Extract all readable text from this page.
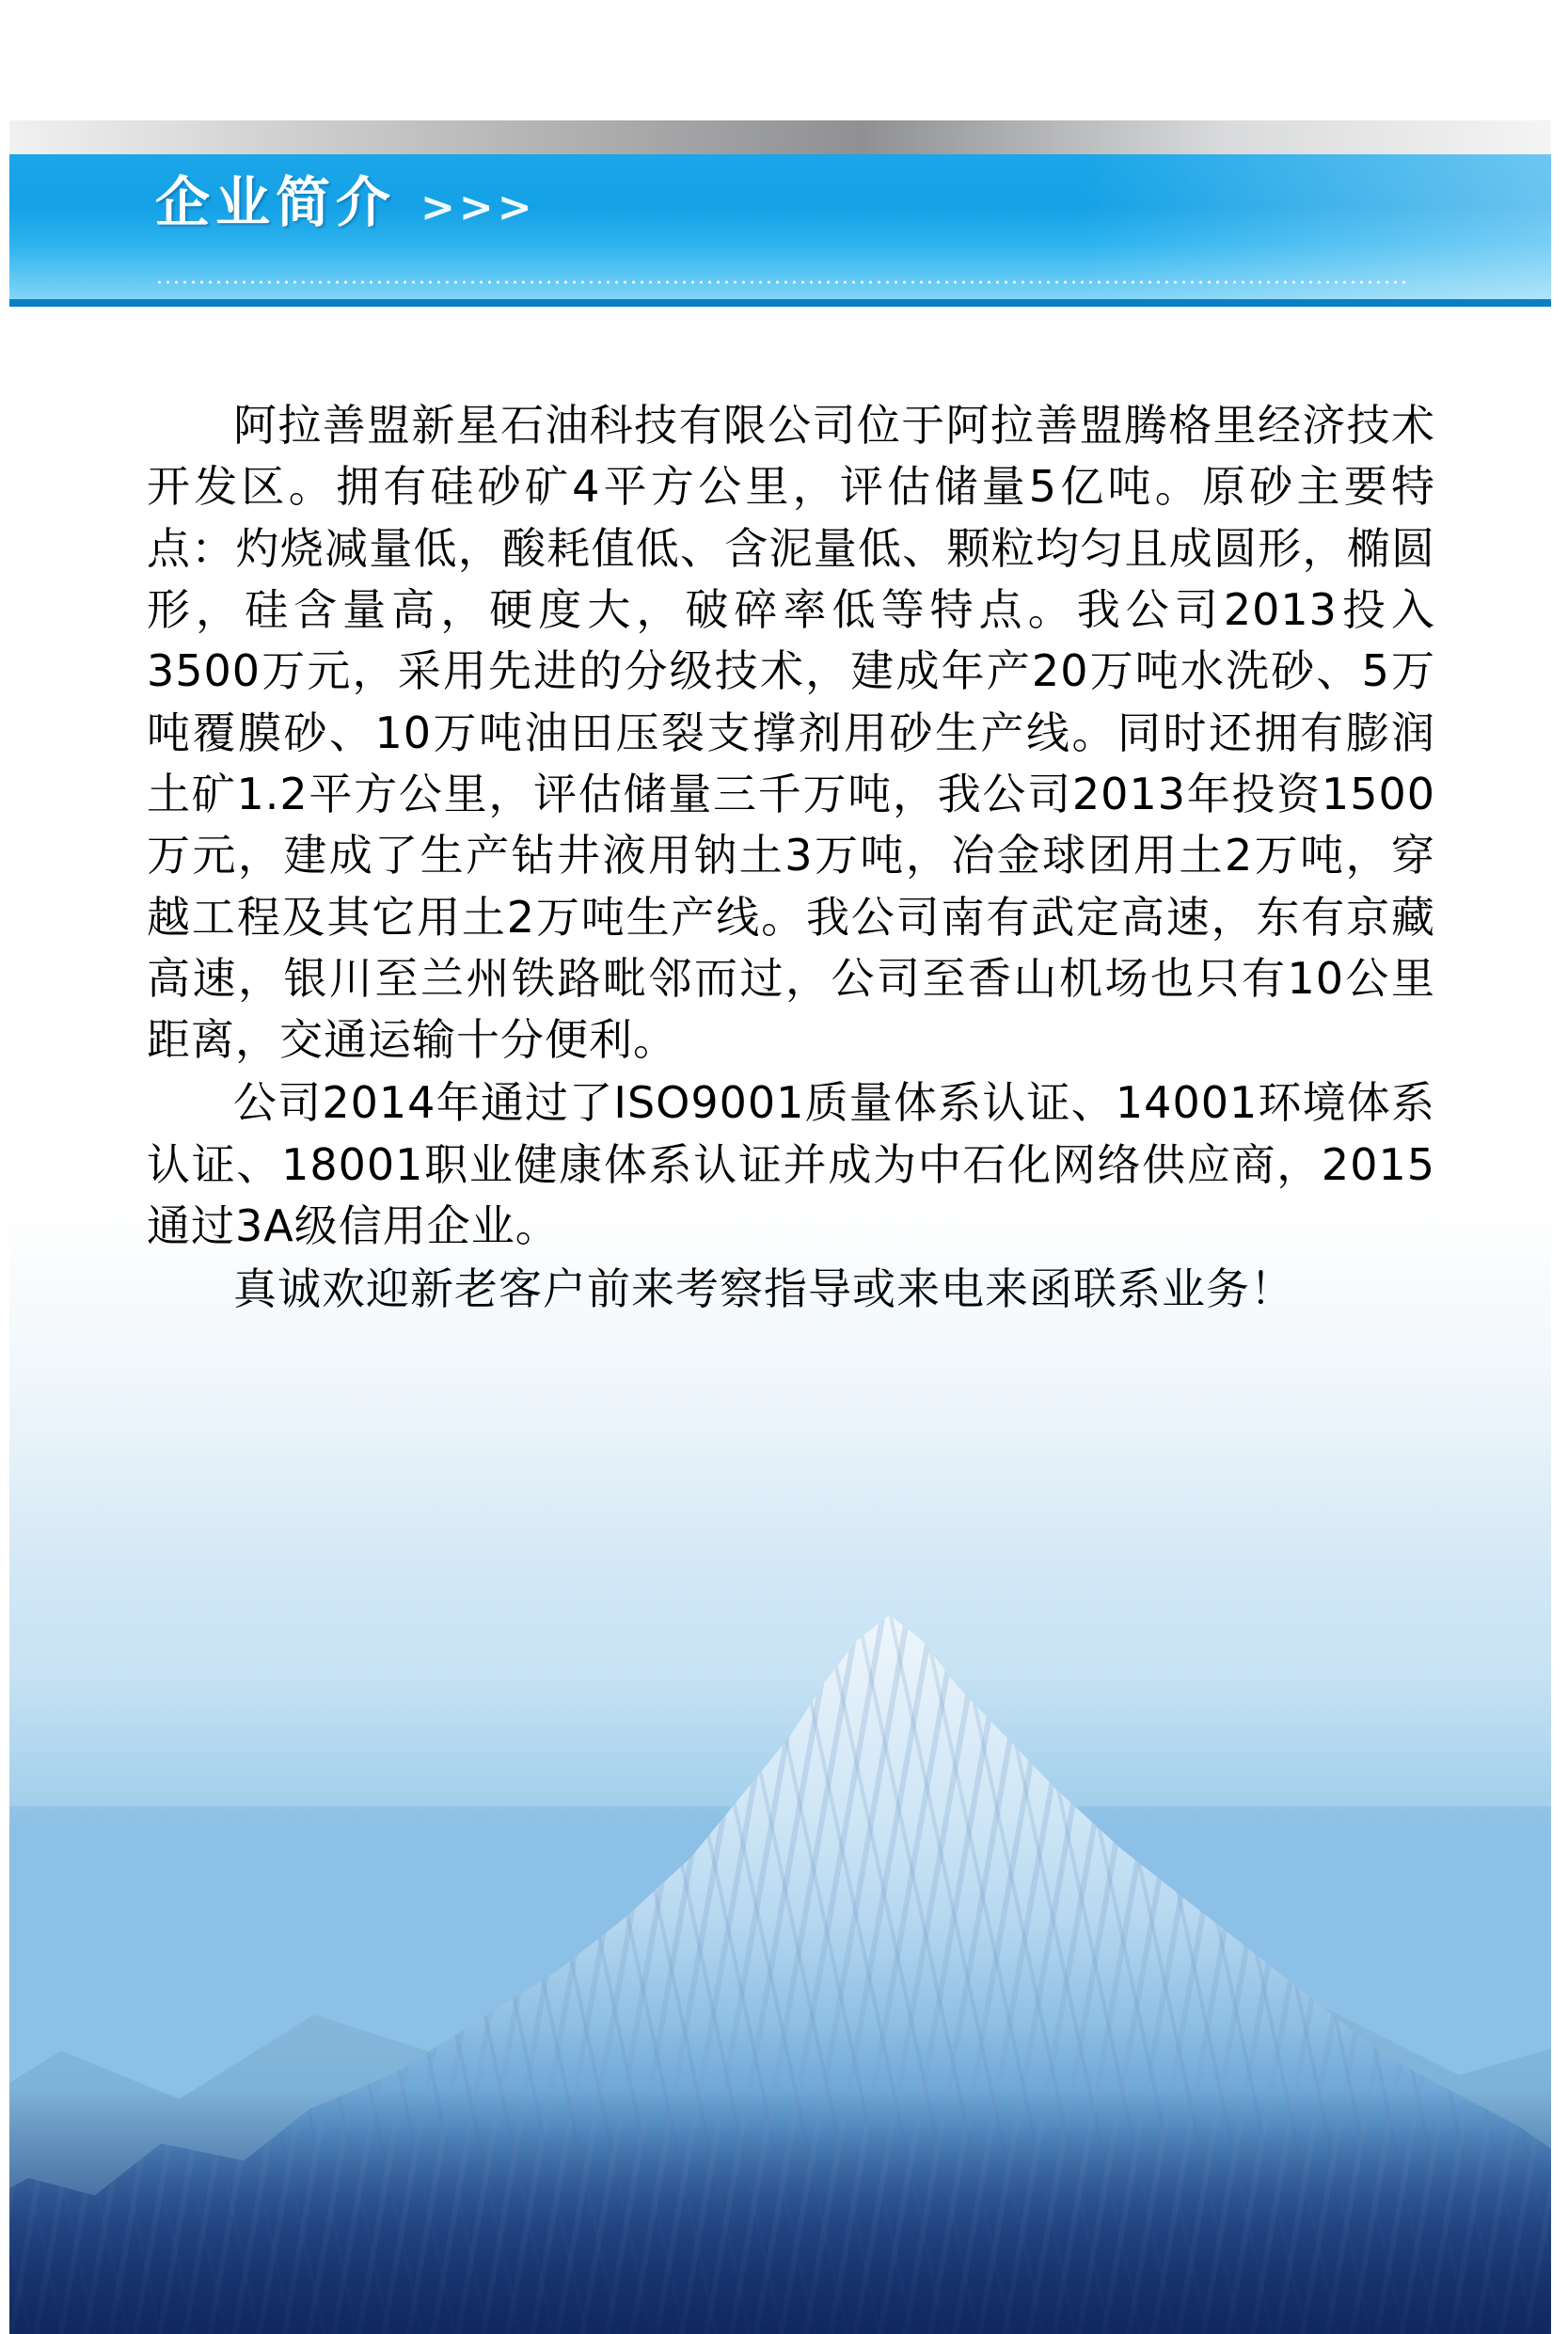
企业简介 >>>

阿拉善盟新星石油科技有限公司位于阿拉善盟腾格里经济技术开发区。拥有硅砂矿4平方公里，评估储量5亿吨。原砂主要特点：灼烧减量低，酸耗值低、含泥量低、颗粒均匀且成圆形，椭圆形，硅含量高，硬度大，破碎率低等特点。我公司2013投入3500万元，采用先进的分级技术，建成年产20万吨水洗砂、5万吨覆膜砂、10万吨油田压裂支撑剂用砂生产线。同时还拥有膨润土矿1.2平方公里，评估储量三千万吨，我公司2013年投资1500万元，建成了生产钻井液用钠土3万吨，冶金球团用土2万吨，穿越工程及其它用土2万吨生产线。我公司南有武定高速，东有京藏高速，银川至兰州铁路毗邻而过，公司至香山机场也只有10公里距离，交通运输十分便利。

公司2014年通过了ISO9001质量体系认证、14001环境体系认证、18001职业健康体系认证并成为中石化网络供应商，2015通过3A级信用企业。

真诚欢迎新老客户前来考察指导或来电来函联系业务！
